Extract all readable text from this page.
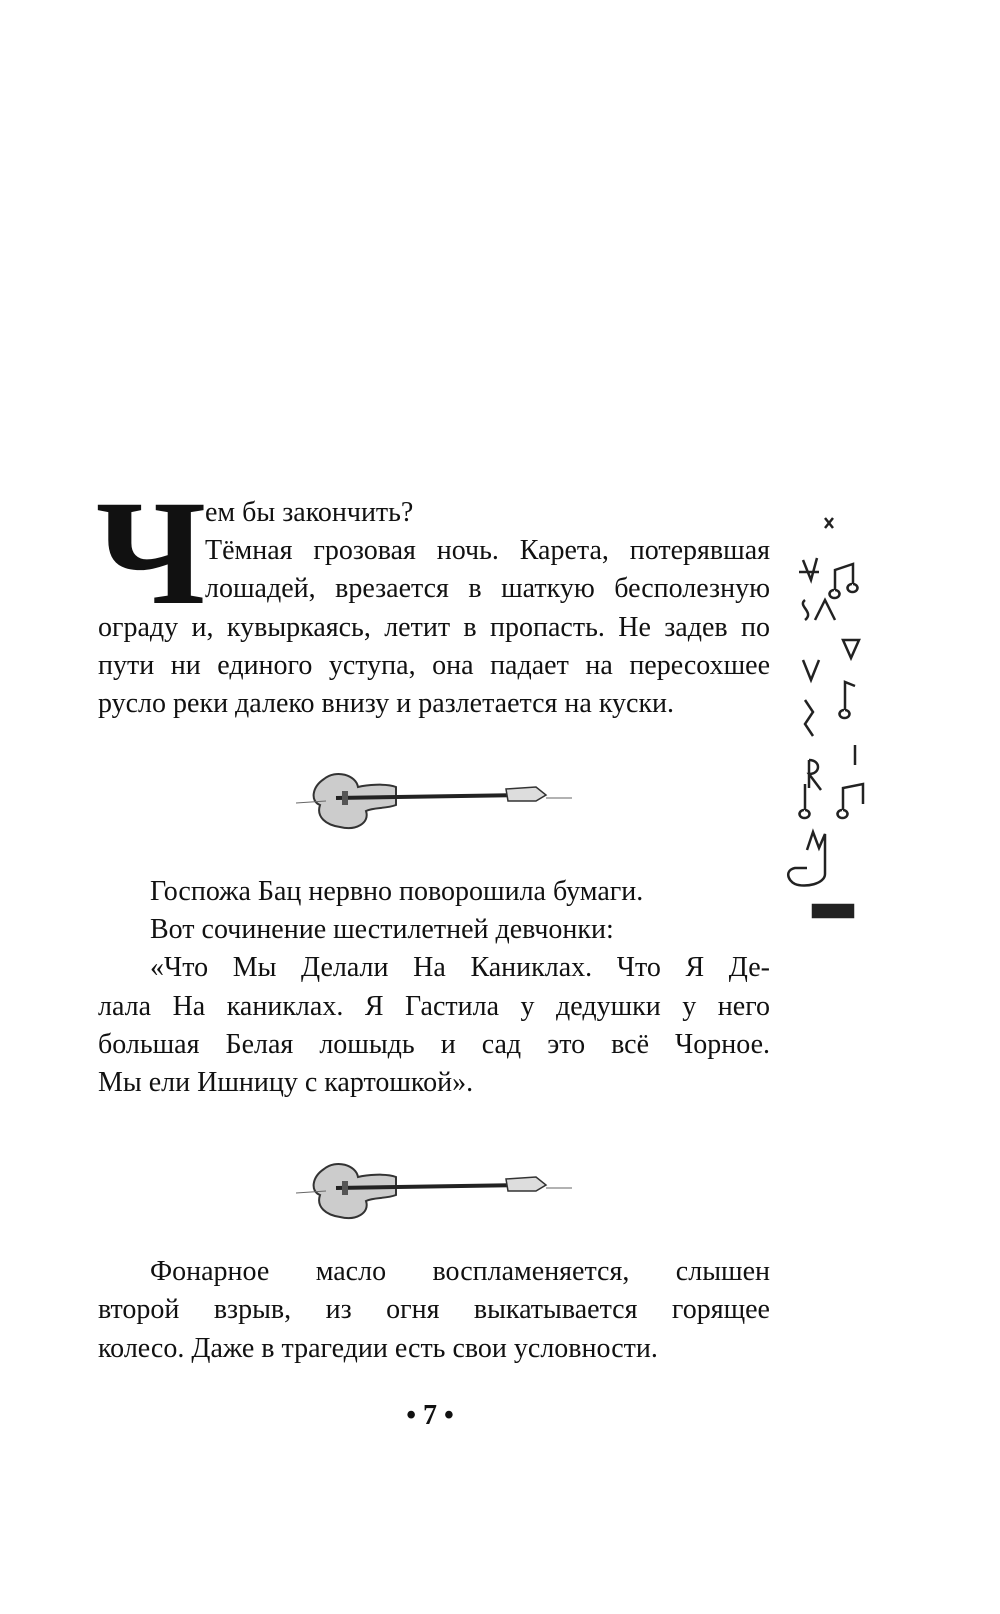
Ч
ем бы закончить?
Тёмная грозовая ночь. Карета, потерявшая
лошадей, врезается в шаткую бесполезную
ограду и, кувыркаясь, летит в пропасть. Не задев по
пути ни единого уступа, она падает на пересохшее
русло реки далеко внизу и разлетается на куски.
Госпожа Бац нервно поворошила бумаги.
Вот сочинение шестилетней девчонки:
«Что Мы Делали На Каниклах. Что Я Де-
лала На каниклах. Я Гастила у дедушки у него
большая Белая лошыдь и сад это всё Чорное.
Мы ели Ишницу с картошкой».
Фонарное масло воспламеняется, слышен
второй взрыв, из огня выкатывается горящее
колесо. Даже в трагедии есть свои условности.
• 7 •
